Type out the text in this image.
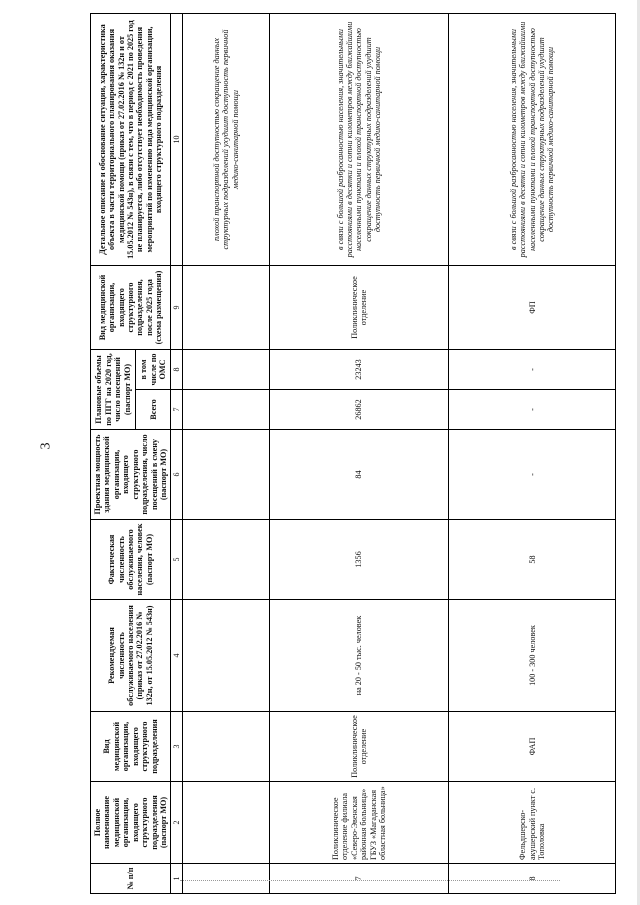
3
№ п/п	Полное наименование медицинской организации, входящего структурного подразделения (паспорт МО)	Вид медицинской организации, входящего структурного подразделения	Рекомендуемая численность обслуживаемого населения (приказ от 27.02.2016 № 132н, от 15.05.2012 № 543н)	Фактическая численность обслуживаемого населения, человек (паспорт МО)	Проектная мощность здания медицинской организации, входящего структурного подразделения, число посещений в смену (паспорт МО)	Плановые объемы по ПГГ на 2020 год, число посещений (паспорт МО)		Вид медицинской организации, входящего структурного подразделения, после 2025 года (схема размещения)	Детальное описание и обоснование ситуации, характеристика объекта в части территориального планирования оказания медицинской помощи (приказ от 27.02.2016 № 132н и от 15.05.2012 № 543н), в связи с тем, что в период с 2021 по 2025 год не планируется, либо отсутствует необходимость проведения мероприятий по изменению вида медицинской организации, входящего структурного подразделения
						Всего	в том числе по ОМС		
1	2	3	4	5	6	7	8	9	10
									плохой транспортной доступностью сокращение данных структурных подразделений ухудшит доступность первичной медико-санитарной помощи
7	Поликлиническое отделение филиала «Северо-Эвенская районная больница» ГБУЗ «Магаданская областная больница»	Поликлиническое отделение	на 20 - 50 тыс. человек	1356	84	26862	23243	Поликлиническое отделение	в связи с большой разбросанностью населения, значительными расстояниями в десятки и сотни километров между ближайшими населенными пунктами и плохой транспортной доступностью сокращение данных структурных подразделений ухудшит доступность первичной медико-санитарной помощи
8	Фельдшерско-акушерский пункт с. Тополовка	ФАП	100 - 300 человек	58	-	-	-	ФП	в связи с большой разбросанностью населения, значительными расстояниями в десятки и сотни километров между ближайшими населенными пунктами и плохой транспортной доступностью сокращение данных структурных подразделений ухудшит доступность первичной медико-санитарной помощи
